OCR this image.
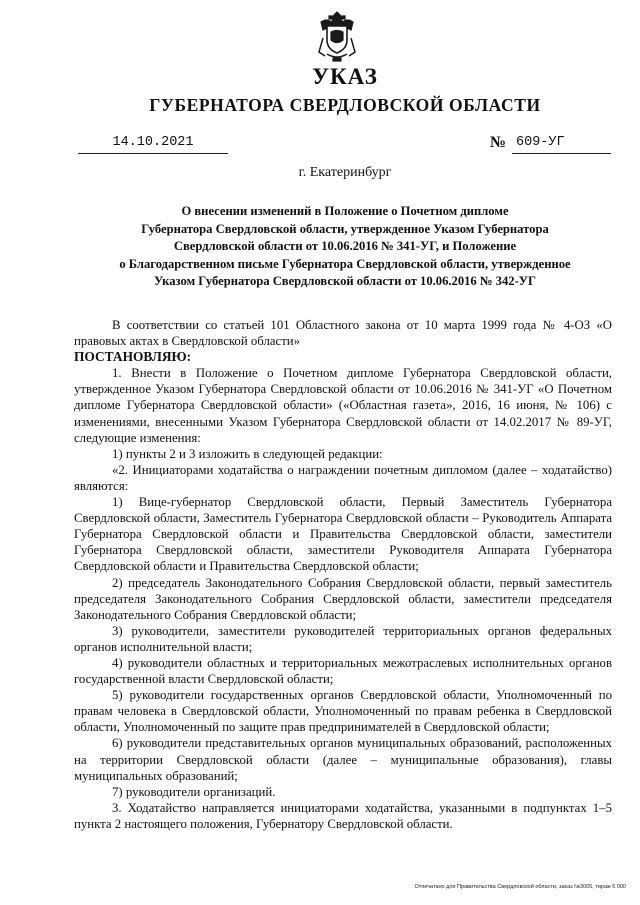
УКАЗ
ГУБЕРНАТОРА СВЕРДЛОВСКОЙ ОБЛАСТИ
14.10.2021	№ 609-УГ
г. Екатеринбург
О внесении изменений в Положение о Почетном дипломе
Губернатора Свердловской области, утвержденное Указом Губернатора
Свердловской области от 10.06.2016 № 341-УГ, и Положение
о Благодарственном письме Губернатора Свердловской области, утвержденное
Указом Губернатора Свердловской области от 10.06.2016 № 342-УГ

В соответствии со статьей 101 Областного закона от 10 марта 1999 года № 4-ОЗ «О правовых актах в Свердловской области»

ПОСТАНОВЛЯЮ:

1. Внести в Положение о Почетном дипломе Губернатора Свердловской области, утвержденное Указом Губернатора Свердловской области от 10.06.2016 № 341-УГ «О Почетном дипломе Губернатора Свердловской области» («Областная газета», 2016, 16 июня, № 106) с изменениями, внесенными Указом Губернатора Свердловской области от 14.02.2017 № 89-УГ, следующие изменения:

1) пункты 2 и 3 изложить в следующей редакции:

«2. Инициаторами ходатайства о награждении почетным дипломом (далее – ходатайство) являются:

1) Вице-губернатор Свердловской области, Первый Заместитель Губернатора Свердловской области, Заместитель Губернатора Свердловской области – Руководитель Аппарата Губернатора Свердловской области и Правительства Свердловской области, заместители Губернатора Свердловской области, заместители Руководителя Аппарата Губернатора Свердловской области и Правительства Свердловской области;

2) председатель Законодательного Собрания Свердловской области, первый заместитель председателя Законодательного Собрания Свердловской области, заместители председателя Законодательного Собрания Свердловской области;

3) руководители, заместители руководителей территориальных органов федеральных органов исполнительной власти;

4) руководители областных и территориальных межотраслевых исполнительных органов государственной власти Свердловской области;

5) руководители государственных органов Свердловской области, Уполномоченный по правам человека в Свердловской области, Уполномоченный по правам ребенка в Свердловской области, Уполномоченный по защите прав предпринимателей в Свердловской области;

6) руководители представительных органов муниципальных образований, расположенных на территории Свердловской области (далее – муниципальные образования), главы муниципальных образований;

7) руководители организаций.

3. Ходатайство направляется инициаторами ходатайства, указанными в подпунктах 1–5 пункта 2 настоящего положения, Губернатору Свердловской области.

Отпечатано для Правительства Свердловской области, заказ №3005, тираж 6 000
